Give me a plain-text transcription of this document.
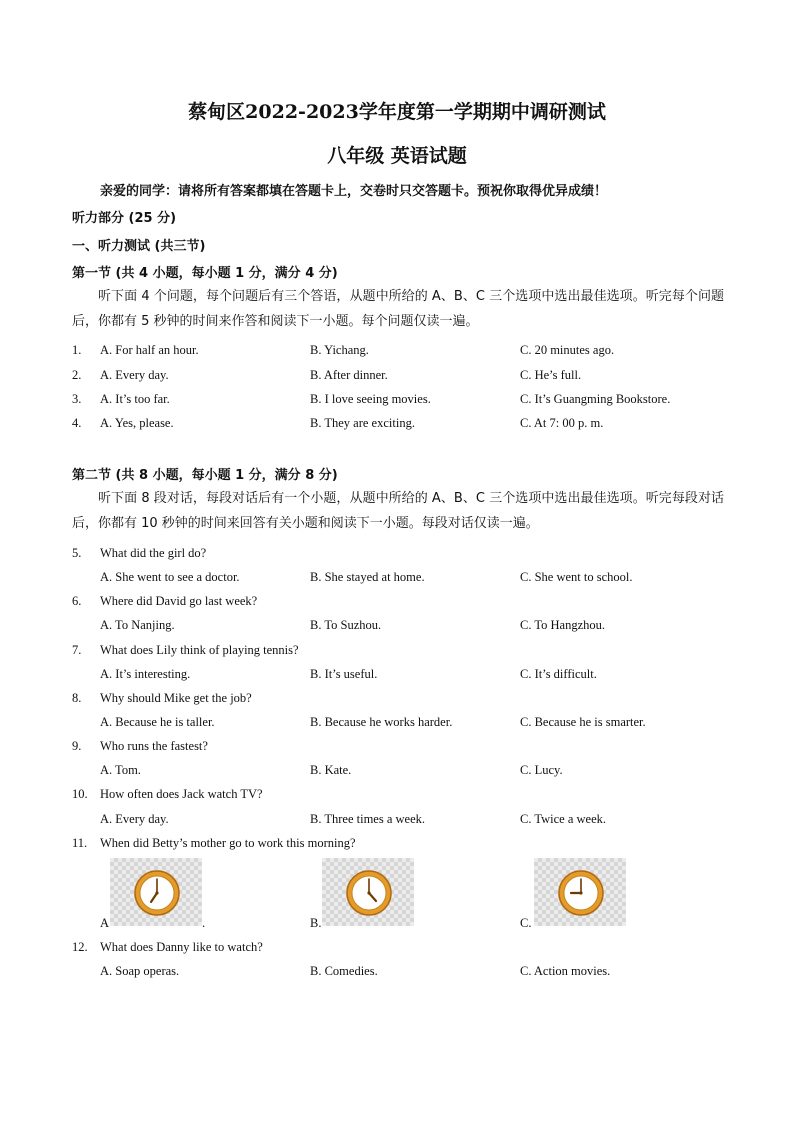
蔡甸区2022-2023学年度第一学期期中调研测试
八年级 英语试题
亲爱的同学：请将所有答案都填在答题卡上，交卷时只交答题卡。预祝你取得优异成绩！
听力部分 (25 分)
一、听力测试 (共三节)
第一节 (共 4 小题，每小题 1 分，满分 4 分)
听下面 4 个问题，每个问题后有三个答语，从题中所给的 A、B、C 三个选项中选出最佳选项。听完每个问题后，你都有 5 秒钟的时间来作答和阅读下一小题。每个问题仅读一遍。
1. A. For half an hour.	B. Yichang.	C. 20 minutes ago.
2. A. Every day.	B. After dinner.	C. He’s full.
3. A. It’s too far.	B. I love seeing movies.	C. It’s Guangming Bookstore.
4. A. Yes, please.	B. They are exciting.	C. At 7: 00 p. m.
第二节 (共 8 小题，每小题 1 分，满分 8 分)
听下面 8 段对话，每段对话后有一个小题，从题中所给的 A、B、C 三个选项中选出最佳选项。听完每段对话后，你都有 10 秒钟的时间来回答有关小题和阅读下一小题。每段对话仅读一遍。
5. What did the girl do?
A. She went to see a doctor.	B. She stayed at home.	C. She went to school.
6. Where did David go last week?
A. To Nanjing.	B. To Suzhou.	C. To Hangzhou.
7. What does Lily think of playing tennis?
A. It’s interesting.	B. It’s useful.	C. It’s difficult.
8. Why should Mike get the job?
A. Because he is taller.	B. Because he works harder.	C. Because he is smarter.
9. Who runs the fastest?
A. Tom.	B. Kate.	C. Lucy.
10. How often does Jack watch TV?
A. Every day.	B. Three times a week.	C. Twice a week.
11. When did Betty’s mother go to work this morning?
A	.	B.	C.
12. What does Danny like to watch?
A. Soap operas.	B. Comedies.	C. Action movies.
